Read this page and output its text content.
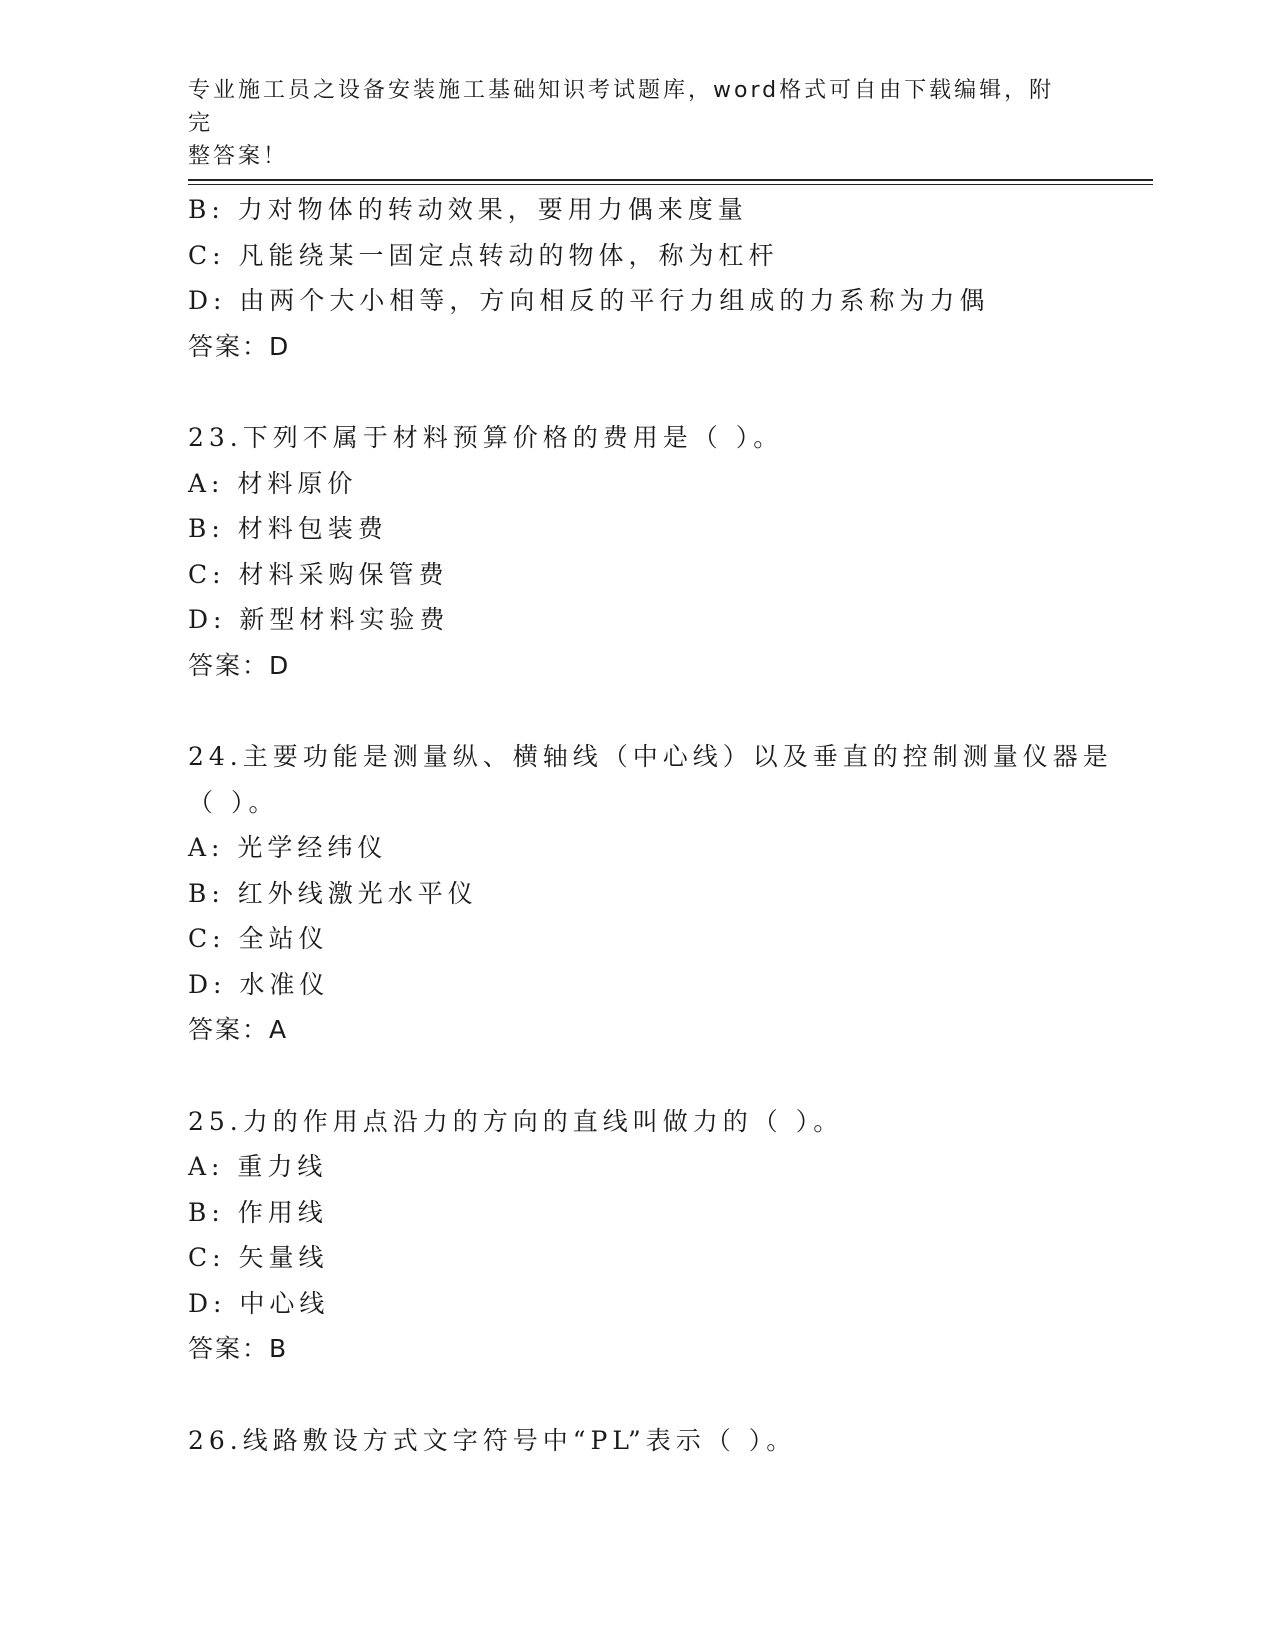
专业施工员之设备安装施工基础知识考试题库，word格式可自由下载编辑，附完
整答案！
B: 力对物体的转动效果，要用力偶来度量
C: 凡能绕某一固定点转动的物体，称为杠杆
D: 由两个大小相等，方向相反的平行力组成的力系称为力偶
答案：D
23.下列不属于材料预算价格的费用是（ ）。
A: 材料原价
B: 材料包装费
C: 材料采购保管费
D: 新型材料实验费
答案：D
24.主要功能是测量纵、横轴线（中心线）以及垂直的控制测量仪器是
（ ）。
A: 光学经纬仪
B: 红外线激光水平仪
C: 全站仪
D: 水准仪
答案：A
25.力的作用点沿力的方向的直线叫做力的（ ）。
A: 重力线
B: 作用线
C: 矢量线
D: 中心线
答案：B
26.线路敷设方式文字符号中“PL”表示（ ）。
